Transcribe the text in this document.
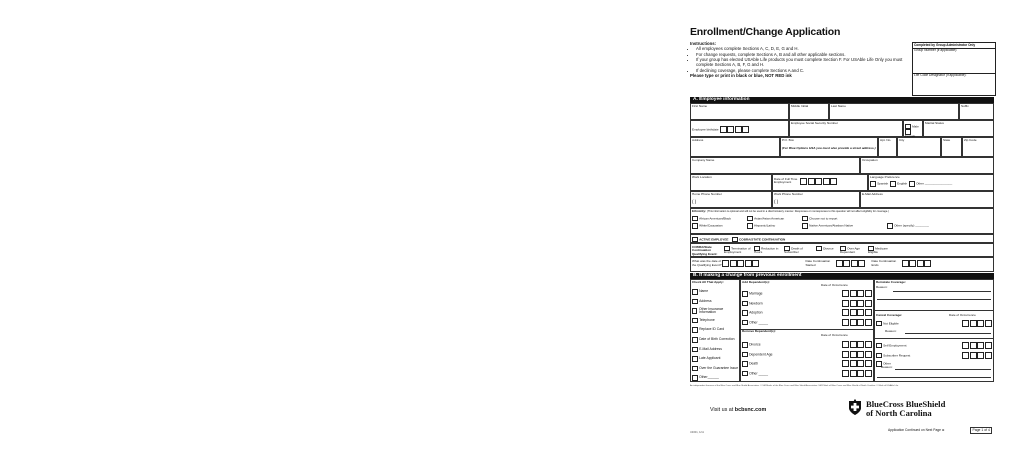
Enrollment/Change Application
Completed by Group Administrator Only
Group Number (if applicable):
Life Code Designator (if applicable):
Instructions:
• All employees complete Sections A, C, D, E, G and H.
• For change requests, complete Sections A, B and all other applicable sections.
• If your group has elected USAble Life products you must complete Section F. For USAble Life Only you must complete Sections A, B, F, G and H.
• If declining coverage, please complete Sections A and C.
Please type or print in black or blue, NOT RED ink
A. Employee information
First Name	Middle Initial	Last Name	Suffix
Employee birthdate
Employee Social Security Number
Male
Female
Marital Status
Address	P.O. Box
(For Blue Options HSA you must also provide a street address.)
Apt. No.	City	State	Zip Code
Company Name	Occupation
Work Location	Date of Full Time Employment
Language Preference
Spanish	English	Other ________________
Home Phone Number
( )
Work Phone Number
( )
E-Mail Address
Ethnicity: (This information is optional and will not be used in a discriminatory manner. Responses or nonresponses to this question will not affect eligibility for coverage.)
African American/Black	Asian/Asian American	Choose not to report
White/Caucasian	Hispanic/Latino	Native American/Alaskan Native	Other (specify) ________
ACTIVE EMPLOYEE	COBRA/STATE CONTINUATION
COBRA/State Continuation Qualifying Event:
Termination of Employment
Reduction in Hours
Death of Subscriber
Divorce	Over Age Dependent
Medicare Eligible
What was the date of the Qualifying Event?
Date Continuation Started
Date Continuation Ends
B. If making a change from previous enrollment
Check All That Apply:
Name
Address
Other Insurance Information
Telephone
Replace ID Card
Date of Birth Correction
E-Mail Address
Late Applicant
Over the Guarantee Issue
Other ______
Add Dependent(s):
Date of Occurrence
Marriage
Newborn
Adoption
Other _____
Remove Dependent(s):
Date of Occurrence
Divorce
Dependent Age
Death
Other _____
Reinstate Coverage:
Reason:
Cancel Coverage:	Date of Occurrence
Not Eligible
Reason:
Self Employment
Subscriber Request
Other
Reason:
An independent licensee of the Blue Cross and Blue Shield Association. ® SM Marks of the Blue Cross and Blue Shield Association. SM1 Mark of Blue Cross and Blue Shield of North Carolina. ® Mark of USAble Life.
Visit us at bcbsnc.com
BlueCross BlueShield
of North Carolina
U4601, 1/11
Application Continued on Next Page ►	Page 1 of 4
